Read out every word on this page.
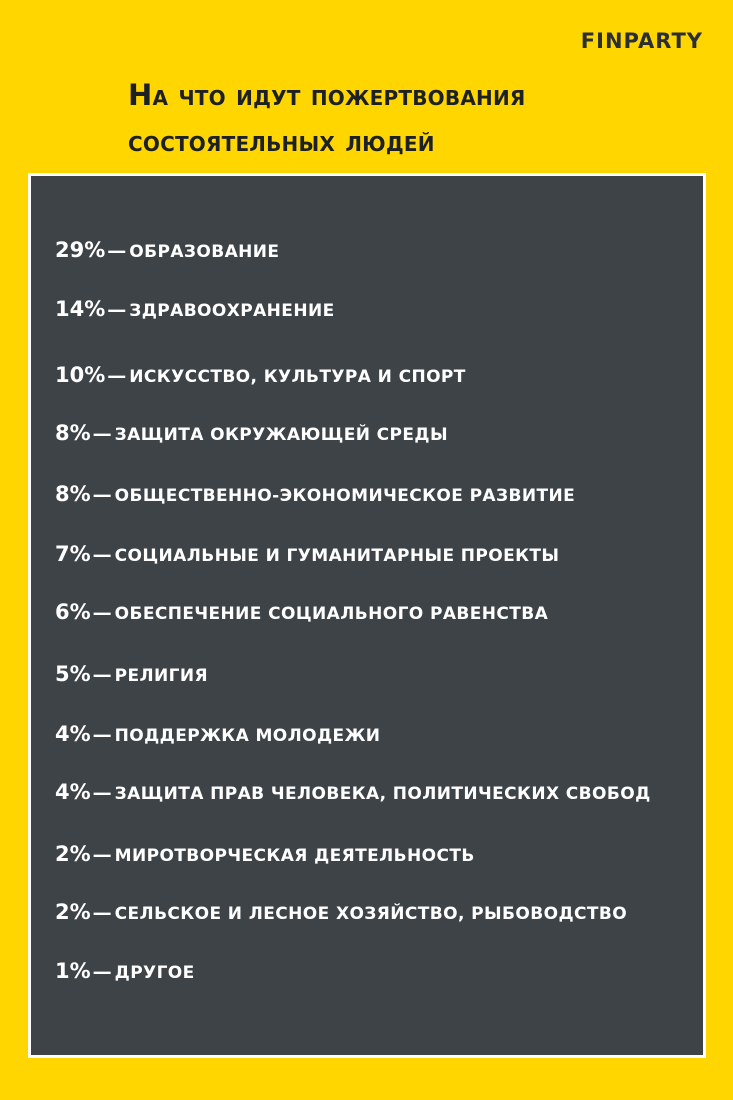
FINPARTY
На что идут пожертвования
состоятельных людей
29% — ОБРАЗОВАНИЕ
14% — ЗДРАВООХРАНЕНИЕ
10% — ИСКУССТВО, КУЛЬТУРА И СПОРТ
8% — ЗАЩИТА ОКРУЖАЮЩЕЙ СРЕДЫ
8% — ОБЩЕСТВЕННО-ЭКОНОМИЧЕСКОЕ РАЗВИТИЕ
7% — СОЦИАЛЬНЫЕ И ГУМАНИТАРНЫЕ ПРОЕКТЫ
6% — ОБЕСПЕЧЕНИЕ СОЦИАЛЬНОГО РАВЕНСТВА
5% — РЕЛИГИЯ
4% — ПОДДЕРЖКА МОЛОДЕЖИ
4% — ЗАЩИТА ПРАВ ЧЕЛОВЕКА, ПОЛИТИЧЕСКИХ СВОБОД
2% — МИРОТВОРЧЕСКАЯ ДЕЯТЕЛЬНОСТЬ
2% — СЕЛЬСКОЕ И ЛЕСНОЕ ХОЗЯЙСТВО, РЫБОВОДСТВО
1% — ДРУГОЕ
